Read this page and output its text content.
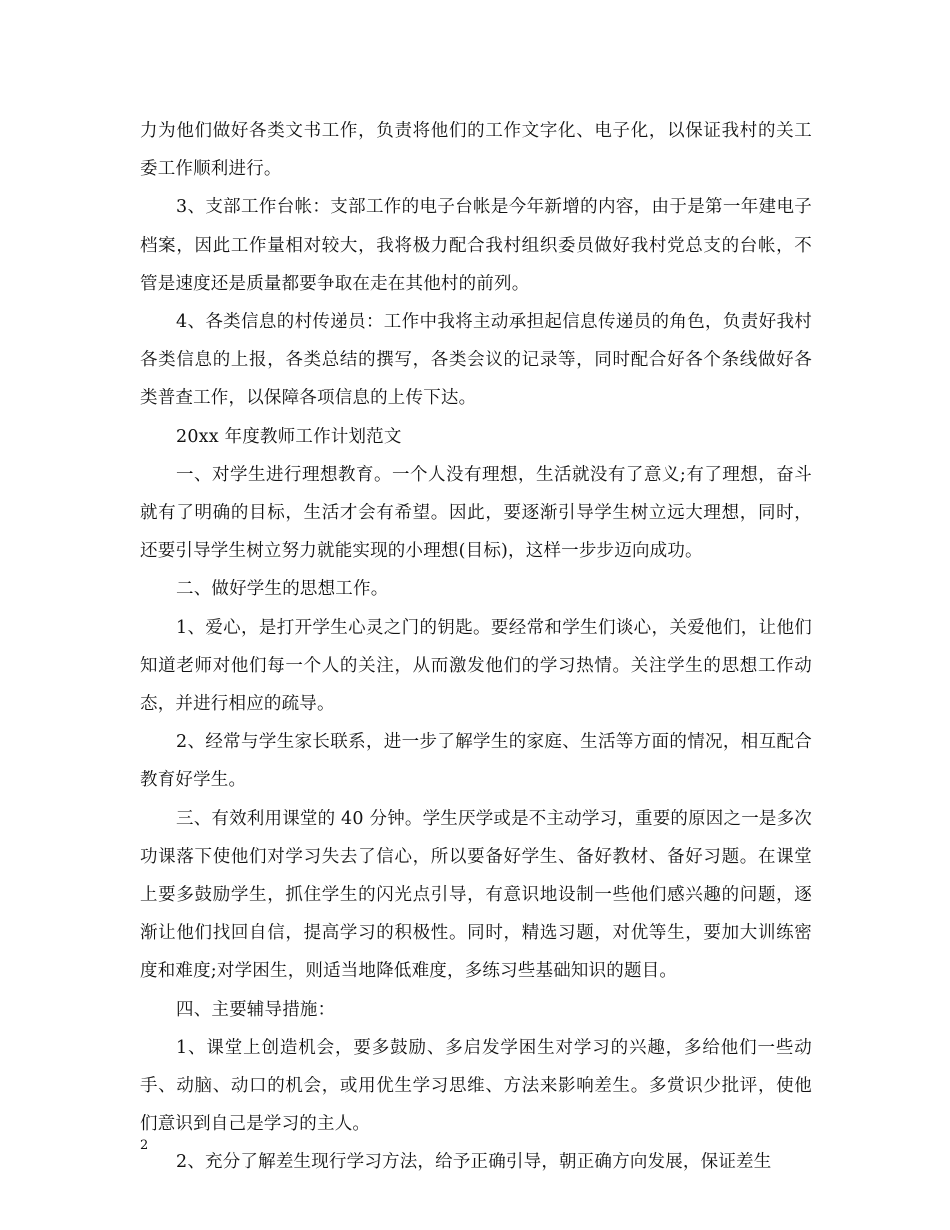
力为他们做好各类文书工作，负责将他们的工作文字化、电子化，以保证我村的关工委工作顺利进行。

3、支部工作台帐：支部工作的电子台帐是今年新增的内容，由于是第一年建电子档案，因此工作量相对较大，我将极力配合我村组织委员做好我村党总支的台帐，不管是速度还是质量都要争取在走在其他村的前列。

4、各类信息的村传递员：工作中我将主动承担起信息传递员的角色，负责好我村各类信息的上报，各类总结的撰写，各类会议的记录等，同时配合好各个条线做好各类普查工作，以保障各项信息的上传下达。

20xx 年度教师工作计划范文

一、对学生进行理想教育。一个人没有理想，生活就没有了意义;有了理想，奋斗就有了明确的目标，生活才会有希望。因此，要逐渐引导学生树立远大理想，同时，还要引导学生树立努力就能实现的小理想(目标)，这样一步步迈向成功。

二、做好学生的思想工作。

1、爱心，是打开学生心灵之门的钥匙。要经常和学生们谈心，关爱他们，让他们知道老师对他们每一个人的关注，从而激发他们的学习热情。关注学生的思想工作动态，并进行相应的疏导。

2、经常与学生家长联系，进一步了解学生的家庭、生活等方面的情况，相互配合教育好学生。

三、有效利用课堂的 40 分钟。学生厌学或是不主动学习，重要的原因之一是多次功课落下使他们对学习失去了信心，所以要备好学生、备好教材、备好习题。在课堂上要多鼓励学生，抓住学生的闪光点引导，有意识地设制一些他们感兴趣的问题，逐渐让他们找回自信，提高学习的积极性。同时，精选习题，对优等生，要加大训练密度和难度;对学困生，则适当地降低难度，多练习些基础知识的题目。

四、主要辅导措施：

1、课堂上创造机会，要多鼓励、多启发学困生对学习的兴趣，多给他们一些动手、动脑、动口的机会，或用优生学习思维、方法来影响差生。多赏识少批评，使他们意识到自己是学习的主人。

2、充分了解差生现行学习方法，给予正确引导，朝正确方向发展，保证差生

2
